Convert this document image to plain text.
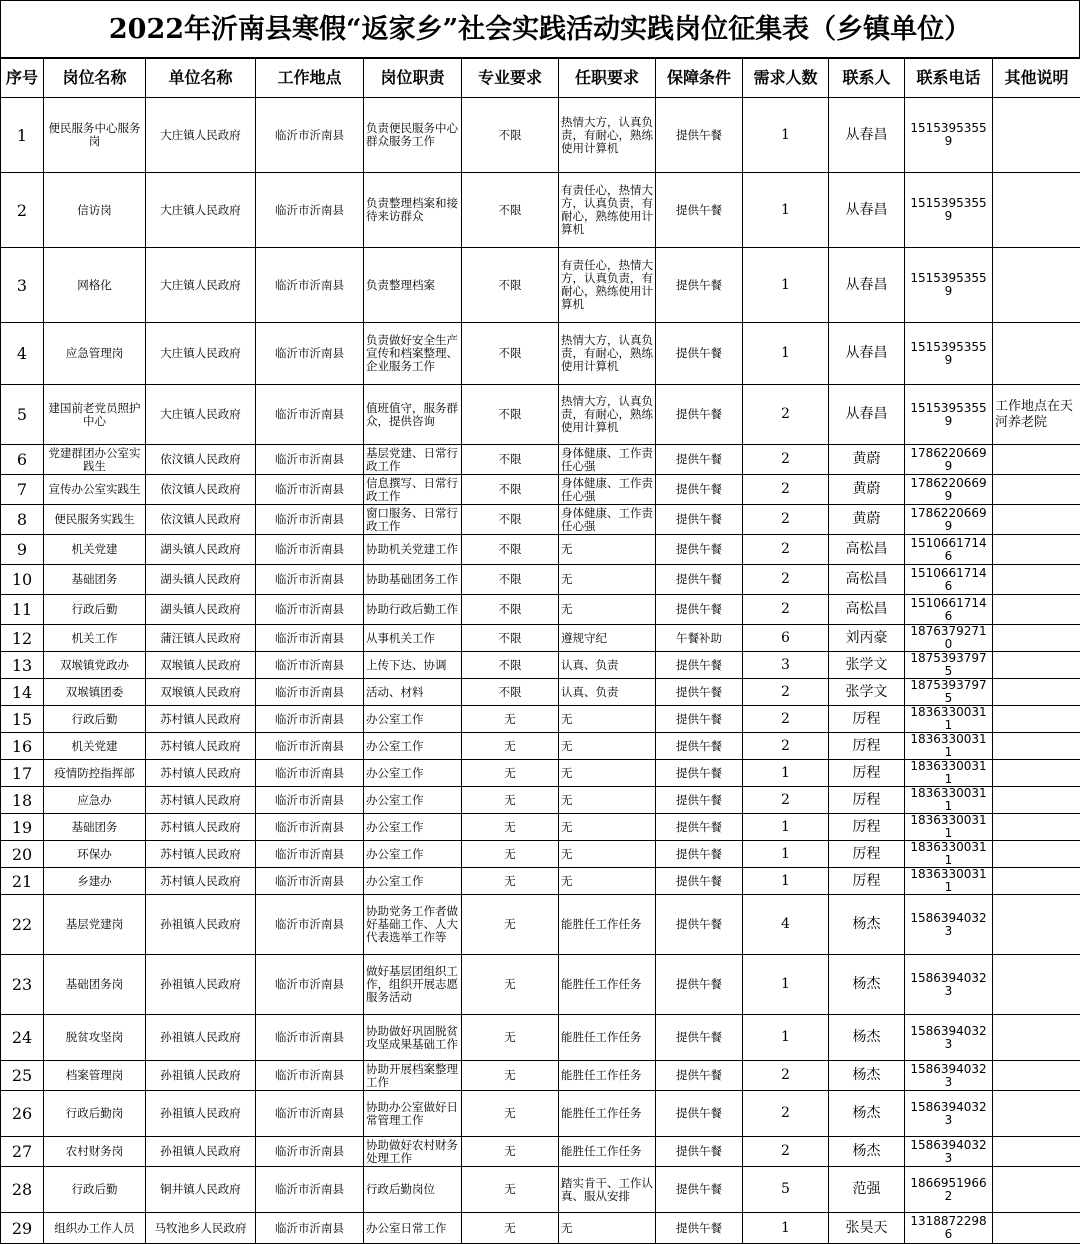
2022年沂南县寒假“返家乡”社会实践活动实践岗位征集表（乡镇单位）
序号	岗位名称	单位名称	工作地点	岗位职责	专业要求	任职要求	保障条件	需求人数	联系人	联系电话	其他说明
1	便民服务中心服务岗	大庄镇人民政府	临沂市沂南县	负责便民服务中心群众服务工作	不限	热情大方，认真负责，有耐心，熟练使用计算机	提供午餐	1	从春昌	15153953559	
2	信访岗	大庄镇人民政府	临沂市沂南县	负责整理档案和接待来访群众	不限	有责任心，热情大方，认真负责，有耐心，熟练使用计算机	提供午餐	1	从春昌	15153953559	
3	网格化	大庄镇人民政府	临沂市沂南县	负责整理档案	不限	有责任心，热情大方，认真负责，有耐心，熟练使用计算机	提供午餐	1	从春昌	15153953559	
4	应急管理岗	大庄镇人民政府	临沂市沂南县	负责做好安全生产宣传和档案整理、企业服务工作	不限	热情大方，认真负责，有耐心，熟练使用计算机	提供午餐	1	从春昌	15153953559	
5	建国前老党员照护中心	大庄镇人民政府	临沂市沂南县	值班值守，服务群众，提供咨询	不限	热情大方，认真负责，有耐心，熟练使用计算机	提供午餐	2	从春昌	15153953559	工作地点在天河养老院
6	党建群团办公室实践生	依汶镇人民政府	临沂市沂南县	基层党建、日常行政工作	不限	身体健康、工作责任心强	提供午餐	2	黄蔚	17862206699	
7	宣传办公室实践生	依汶镇人民政府	临沂市沂南县	信息撰写、日常行政工作	不限	身体健康、工作责任心强	提供午餐	2	黄蔚	17862206699	
8	便民服务实践生	依汶镇人民政府	临沂市沂南县	窗口服务、日常行政工作	不限	身体健康、工作责任心强	提供午餐	2	黄蔚	17862206699	
9	机关党建	湖头镇人民政府	临沂市沂南县	协助机关党建工作	不限	无	提供午餐	2	高松昌	15106617146	
10	基础团务	湖头镇人民政府	临沂市沂南县	协助基础团务工作	不限	无	提供午餐	2	高松昌	15106617146	
11	行政后勤	湖头镇人民政府	临沂市沂南县	协助行政后勤工作	不限	无	提供午餐	2	高松昌	15106617146	
12	机关工作	蒲汪镇人民政府	临沂市沂南县	从事机关工作	不限	遵规守纪	午餐补助	6	刘丙豪	18763792710	
13	双堠镇党政办	双堠镇人民政府	临沂市沂南县	上传下达、协调	不限	认真、负责	提供午餐	3	张学文	18753937975	
14	双堠镇团委	双堠镇人民政府	临沂市沂南县	活动、材料	不限	认真、负责	提供午餐	2	张学文	18753937975	
15	行政后勤	苏村镇人民政府	临沂市沂南县	办公室工作	无	无	提供午餐	2	厉程	18363300311	
16	机关党建	苏村镇人民政府	临沂市沂南县	办公室工作	无	无	提供午餐	2	厉程	18363300311	
17	疫情防控指挥部	苏村镇人民政府	临沂市沂南县	办公室工作	无	无	提供午餐	1	厉程	18363300311	
18	应急办	苏村镇人民政府	临沂市沂南县	办公室工作	无	无	提供午餐	2	厉程	18363300311	
19	基础团务	苏村镇人民政府	临沂市沂南县	办公室工作	无	无	提供午餐	1	厉程	18363300311	
20	环保办	苏村镇人民政府	临沂市沂南县	办公室工作	无	无	提供午餐	1	厉程	18363300311	
21	乡建办	苏村镇人民政府	临沂市沂南县	办公室工作	无	无	提供午餐	1	厉程	18363300311	
22	基层党建岗	孙祖镇人民政府	临沂市沂南县	协助党务工作者做好基础工作、人大代表选举工作等	无	能胜任工作任务	提供午餐	4	杨杰	15863940323	
23	基础团务岗	孙祖镇人民政府	临沂市沂南县	做好基层团组织工作，组织开展志愿服务活动	无	能胜任工作任务	提供午餐	1	杨杰	15863940323	
24	脱贫攻坚岗	孙祖镇人民政府	临沂市沂南县	协助做好巩固脱贫攻坚成果基础工作	无	能胜任工作任务	提供午餐	1	杨杰	15863940323	
25	档案管理岗	孙祖镇人民政府	临沂市沂南县	协助开展档案整理工作	无	能胜任工作任务	提供午餐	2	杨杰	15863940323	
26	行政后勤岗	孙祖镇人民政府	临沂市沂南县	协助办公室做好日常管理工作	无	能胜任工作任务	提供午餐	2	杨杰	15863940323	
27	农村财务岗	孙祖镇人民政府	临沂市沂南县	协助做好农村财务处理工作	无	能胜任工作任务	提供午餐	2	杨杰	15863940323	
28	行政后勤	铜井镇人民政府	临沂市沂南县	行政后勤岗位	无	踏实肯干、工作认真、服从安排	提供午餐	5	范强	18669519662	
29	组织办工作人员	马牧池乡人民政府	临沂市沂南县	办公室日常工作	无	无	提供午餐	1	张昊天	13188722986	
